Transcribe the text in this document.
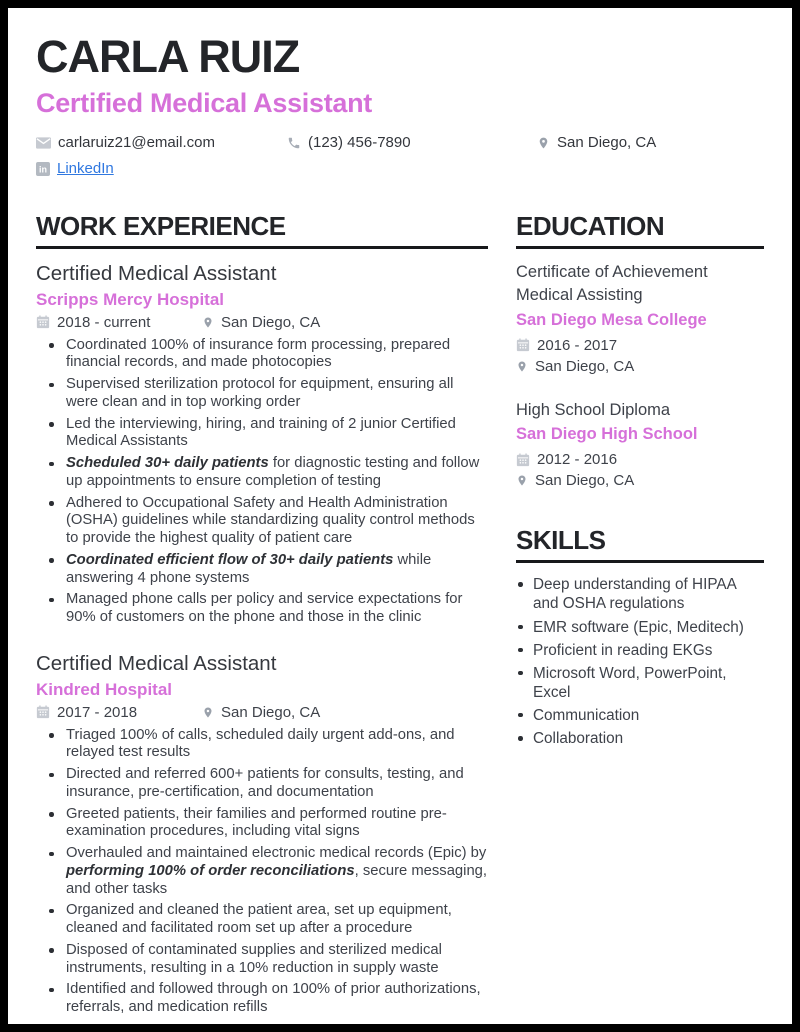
CARLA RUIZ
Certified Medical Assistant
carlaruiz21@email.com	(123) 456-7890	San Diego, CA
in LinkedIn
WORK EXPERIENCE
Certified Medical Assistant
Scripps Mercy Hospital
2018 - current	San Diego, CA
Coordinated 100% of insurance form processing, prepared financial records, and made photocopies
Supervised sterilization protocol for equipment, ensuring all were clean and in top working order
Led the interviewing, hiring, and training of 2 junior Certified Medical Assistants
Scheduled 30+ daily patients for diagnostic testing and follow up appointments to ensure completion of testing
Adhered to Occupational Safety and Health Administration (OSHA) guidelines while standardizing quality control methods to provide the highest quality of patient care
Coordinated efficient flow of 30+ daily patients while answering 4 phone systems
Managed phone calls per policy and service expectations for 90% of customers on the phone and those in the clinic
Certified Medical Assistant
Kindred Hospital
2017 - 2018	San Diego, CA
Triaged 100% of calls, scheduled daily urgent add-ons, and relayed test results
Directed and referred 600+ patients for consults, testing, and insurance, pre-certification, and documentation
Greeted patients, their families and performed routine pre-examination procedures, including vital signs
Overhauled and maintained electronic medical records (Epic) by performing 100% of order reconciliations, secure messaging, and other tasks
Organized and cleaned the patient area, set up equipment, cleaned and facilitated room set up after a procedure
Disposed of contaminated supplies and sterilized medical instruments, resulting in a 10% reduction in supply waste
Identified and followed through on 100% of prior authorizations, referrals, and medication refills
EDUCATION
Certificate of Achievement Medical Assisting
San Diego Mesa College
2016 - 2017
San Diego, CA
High School Diploma
San Diego High School
2012 - 2016
San Diego, CA
SKILLS
Deep understanding of HIPAA and OSHA regulations
EMR software (Epic, Meditech)
Proficient in reading EKGs
Microsoft Word, PowerPoint, Excel
Communication
Collaboration
